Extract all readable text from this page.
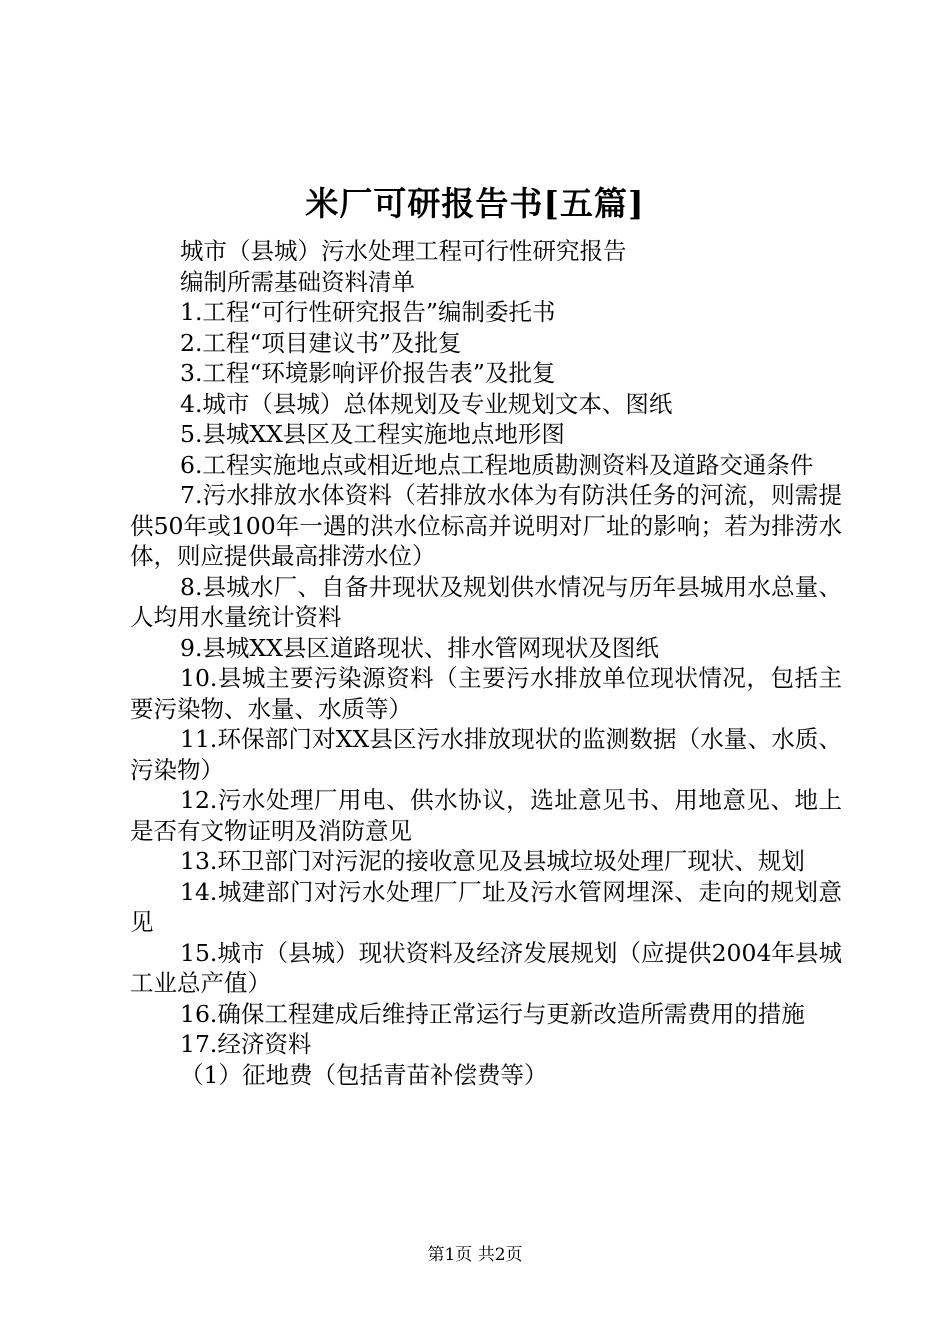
米厂可研报告书[五篇]

城市（县城）污水处理工程可行性研究报告

编制所需基础资料清单

1.工程“可行性研究报告”编制委托书

2.工程“项目建议书”及批复

3.工程“环境影响评价报告表”及批复

4.城市（县城）总体规划及专业规划文本、图纸

5.县城XX县区及工程实施地点地形图

6.工程实施地点或相近地点工程地质勘测资料及道路交通条件

7.污水排放水体资料（若排放水体为有防洪任务的河流，则需提供50年或100年一遇的洪水位标高并说明对厂址的影响；若为排涝水体，则应提供最高排涝水位）

8.县城水厂、自备井现状及规划供水情况与历年县城用水总量、人均用水量统计资料

9.县城XX县区道路现状、排水管网现状及图纸

10.县城主要污染源资料（主要污水排放单位现状情况，包括主要污染物、水量、水质等）

11.环保部门对XX县区污水排放现状的监测数据（水量、水质、污染物）

12.污水处理厂用电、供水协议，选址意见书、用地意见、地上是否有文物证明及消防意见

13.环卫部门对污泥的接收意见及县城垃圾处理厂现状、规划

14.城建部门对污水处理厂厂址及污水管网埋深、走向的规划意见

15.城市（县城）现状资料及经济发展规划（应提供2004年县城工业总产值）

16.确保工程建成后维持正常运行与更新改造所需费用的措施

17.经济资料

（1）征地费（包括青苗补偿费等）

第1页 共2页
